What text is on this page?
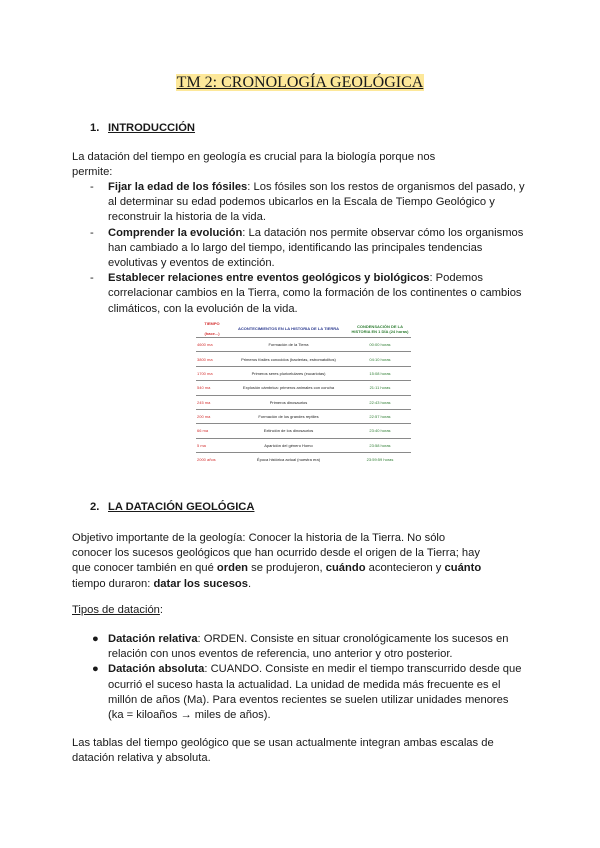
TM 2: CRONOLOGÍA GEOLÓGICA
1. INTRODUCCIÓN
La datación del tiempo en geología es crucial para la biología porque nos
permite:
- Fijar la edad de los fósiles: Los fósiles son los restos de organismos del pasado, y
al determinar su edad podemos ubicarlos en la Escala de Tiempo Geológico y
reconstruir la historia de la vida.
- Comprender la evolución: La datación nos permite observar cómo los organismos
han cambiado a lo largo del tiempo, identificando las principales tendencias
evolutivas y eventos de extinción.
- Establecer relaciones entre eventos geológicos y biológicos: Podemos
correlacionar cambios en la Tierra, como la formación de los continentes o cambios
climáticos, con la evolución de la vida.
TIEMPO

(hace...)	ACONTECIMIENTOS EN LA HISTORIA DE LA TIERRA	CONDENSACIÓN DE LA HISTORIA EN 1 DÍA (24 horas)
4600 ma	Formación de la Tierra	00:00 horas
3800 ma	Primeros fósiles conocidos (bacterias, estromatolitos)	04:10 horas
1700 ma	Primeros seres pluricelulares (eucariotas)	15:08 horas
540 ma	Explosión cámbrica: primeros animales con concha	21:11 horas
245 ma	Primeros dinosaurios	22:43 horas
200 ma	Formación de los grandes reptiles	22:57 horas
66 ma	Extinción de los dinosaurios	23:40 horas
5 ma	Aparición del género Homo	23:58 horas
2000 años	Época histórica actual (nuestra era)	23:59:59 horas
2. LA DATACIÓN GEOLÓGICA
Objetivo importante de la geología: Conocer la historia de la Tierra. No sólo
conocer los sucesos geológicos que han ocurrido desde el origen de la Tierra; hay
que conocer también en qué orden se produjeron, cuándo acontecieron y cuánto
tiempo duraron: datar los sucesos.
Tipos de datación:
● Datación relativa: ORDEN. Consiste en situar cronológicamente los sucesos en
relación con unos eventos de referencia, uno anterior y otro posterior.
● Datación absoluta: CUANDO. Consiste en medir el tiempo transcurrido desde que
ocurrió el suceso hasta la actualidad. La unidad de medida más frecuente es el
millón de años (Ma). Para eventos recientes se suelen utilizar unidades menores
(ka = kiloaños → miles de años).
Las tablas del tiempo geológico que se usan actualmente integran ambas escalas de
datación relativa y absoluta.
